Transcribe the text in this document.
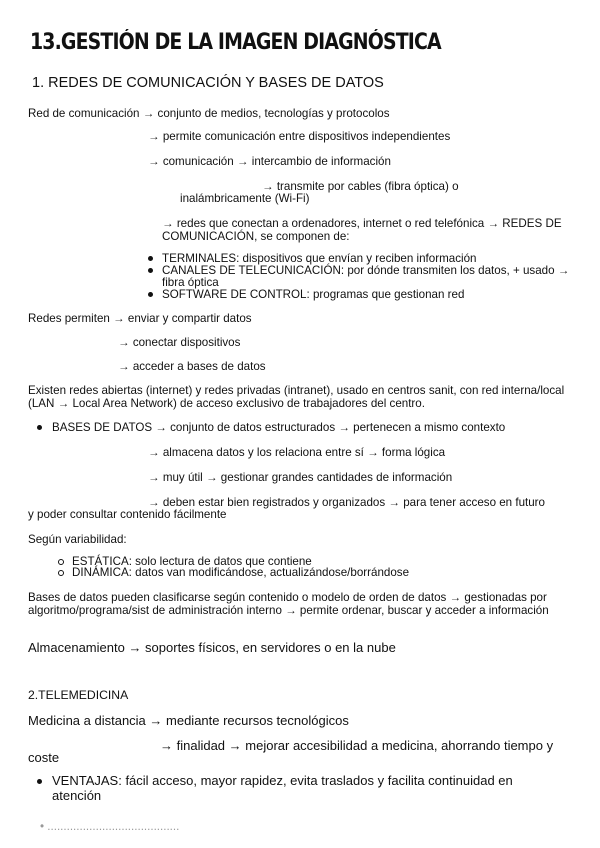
13.GESTIÓN DE LA IMAGEN DIAGNÓSTICA
1. REDES DE COMUNICACIÓN Y BASES DE DATOS
Red de comunicación → conjunto de medios, tecnologías y protocolos
→ permite comunicación entre dispositivos independientes
→ comunicación → intercambio de información
→ transmite por cables (fibra óptica) o
inalámbricamente (Wi-Fi)
→ redes que conectan a ordenadores, internet o red telefónica → REDES DE
COMUNICACIÓN, se componen de:
TERMINALES: dispositivos que envían y reciben información
CANALES DE TELECUNICACIÓN: por dónde transmiten los datos, + usado →
fibra óptica
SOFTWARE DE CONTROL: programas que gestionan red
Redes permiten → enviar y compartir datos
→ conectar dispositivos
→ acceder a bases de datos
Existen redes abiertas (internet) y redes privadas (intranet), usado en centros sanit, con red interna/local (LAN → Local Area Network) de acceso exclusivo de trabajadores del centro.
BASES DE DATOS → conjunto de datos estructurados → pertenecen a mismo contexto
→ almacena datos y los relaciona entre sí → forma lógica
→ muy útil → gestionar grandes cantidades de información
→ deben estar bien registrados y organizados → para tener acceso en futuro
y poder consultar contenido fácilmente
Según variabilidad:
ESTÁTICA: solo lectura de datos que contiene
DINÁMICA: datos van modificándose, actualizándose/borrándose
Bases de datos pueden clasificarse según contenido o modelo de orden de datos → gestionadas por algoritmo/programa/sist de administración interno → permite ordenar, buscar y acceder a información
Almacenamiento → soportes físicos, en servidores o en la nube
2.TELEMEDICINA
Medicina a distancia → mediante recursos tecnológicos
→ finalidad → mejorar accesibilidad a medicina, ahorrando tiempo y
coste
VENTAJAS: fácil acceso, mayor rapidez, evita traslados y facilita continuidad en atención
• .........................................
